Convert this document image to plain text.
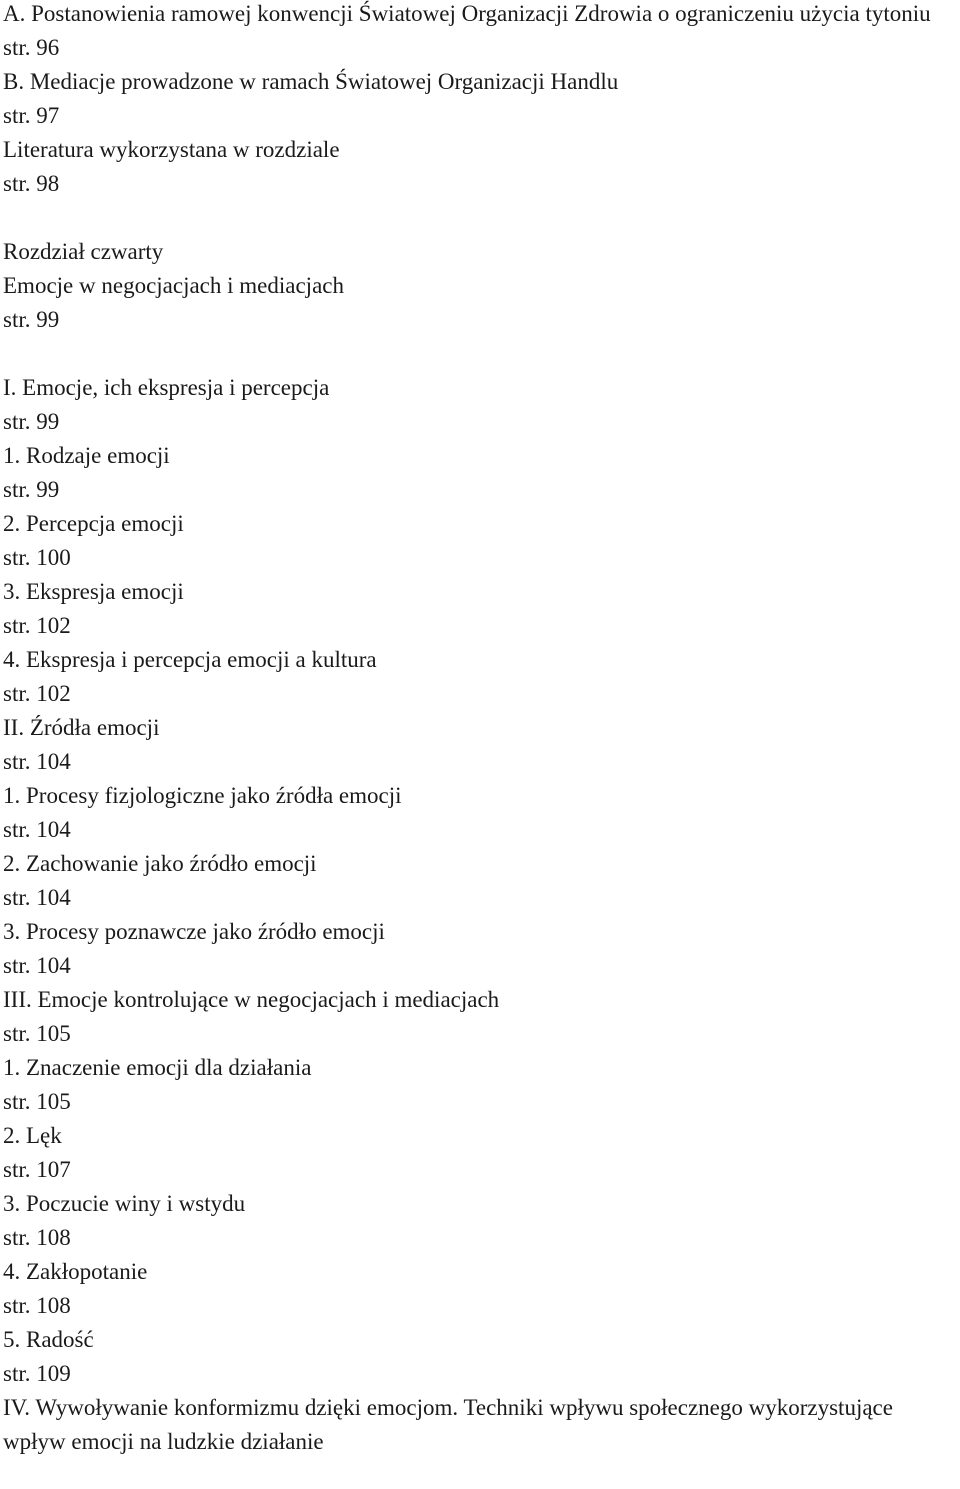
A. Postanowienia ramowej konwencji Światowej Organizacji Zdrowia o ograniczeniu użycia tytoniu
str. 96
B. Mediacje prowadzone w ramach Światowej Organizacji Handlu
str. 97
Literatura wykorzystana w rozdziale
str. 98
Rozdział czwarty
Emocje w negocjacjach i mediacjach
str. 99
I. Emocje, ich ekspresja i percepcja
str. 99
1. Rodzaje emocji
str. 99
2. Percepcja emocji
str. 100
3. Ekspresja emocji
str. 102
4. Ekspresja i percepcja emocji a kultura
str. 102
II. Źródła emocji
str. 104
1. Procesy fizjologiczne jako źródła emocji
str. 104
2. Zachowanie jako źródło emocji
str. 104
3. Procesy poznawcze jako źródło emocji
str. 104
III. Emocje kontrolujące w negocjacjach i mediacjach
str. 105
1. Znaczenie emocji dla działania
str. 105
2. Lęk
str. 107
3. Poczucie winy i wstydu
str. 108
4. Zakłopotanie
str. 108
5. Radość
str. 109
IV. Wywoływanie konformizmu dzięki emocjom. Techniki wpływu społecznego wykorzystujące wpływ emocji na ludzkie działanie
